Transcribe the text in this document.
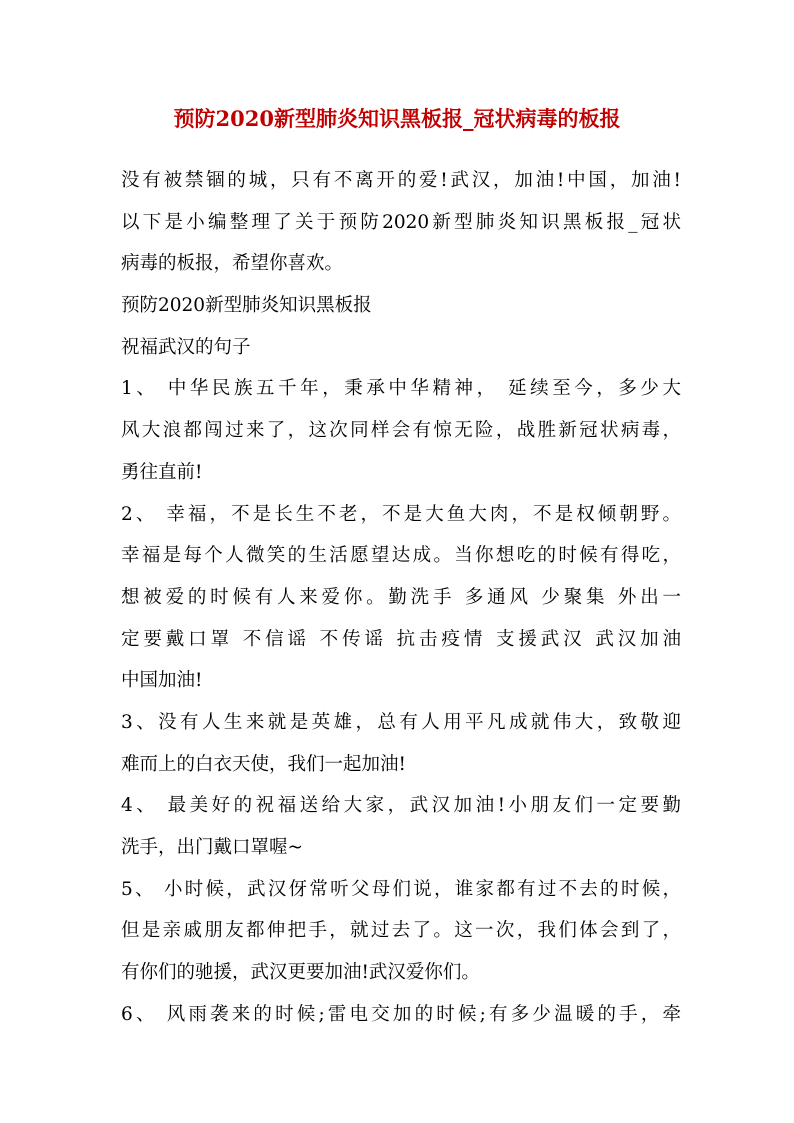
预防2020新型肺炎知识黑板报_冠状病毒的板报
没有被禁锢的城，只有不离开的爱!武汉，加油!中国，加油!
以下是小编整理了关于预防2020新型肺炎知识黑板报_冠状
病毒的板报，希望你喜欢。
预防2020新型肺炎知识黑板报
祝福武汉的句子
1、 中华民族五千年，秉承中华精神， 延续至今，多少大
风大浪都闯过来了，这次同样会有惊无险，战胜新冠状病毒，
勇往直前!
2、 幸福，不是长生不老，不是大鱼大肉，不是权倾朝野。
幸福是每个人微笑的生活愿望达成。当你想吃的时候有得吃，
想被爱的时候有人来爱你。勤洗手 多通风 少聚集 外出一
定要戴口罩 不信谣 不传谣 抗击疫情 支援武汉 武汉加油
中国加油!
3、没有人生来就是英雄，总有人用平凡成就伟大，致敬迎
难而上的白衣天使，我们一起加油!
4、 最美好的祝福送给大家，武汉加油!小朋友们一定要勤
洗手，出门戴口罩喔~
5、 小时候，武汉伢常听父母们说，谁家都有过不去的时候，
但是亲戚朋友都伸把手，就过去了。这一次，我们体会到了，
有你们的驰援，武汉更要加油!武汉爱你们。
6、 风雨袭来的时候;雷电交加的时候;有多少温暖的手，牵
